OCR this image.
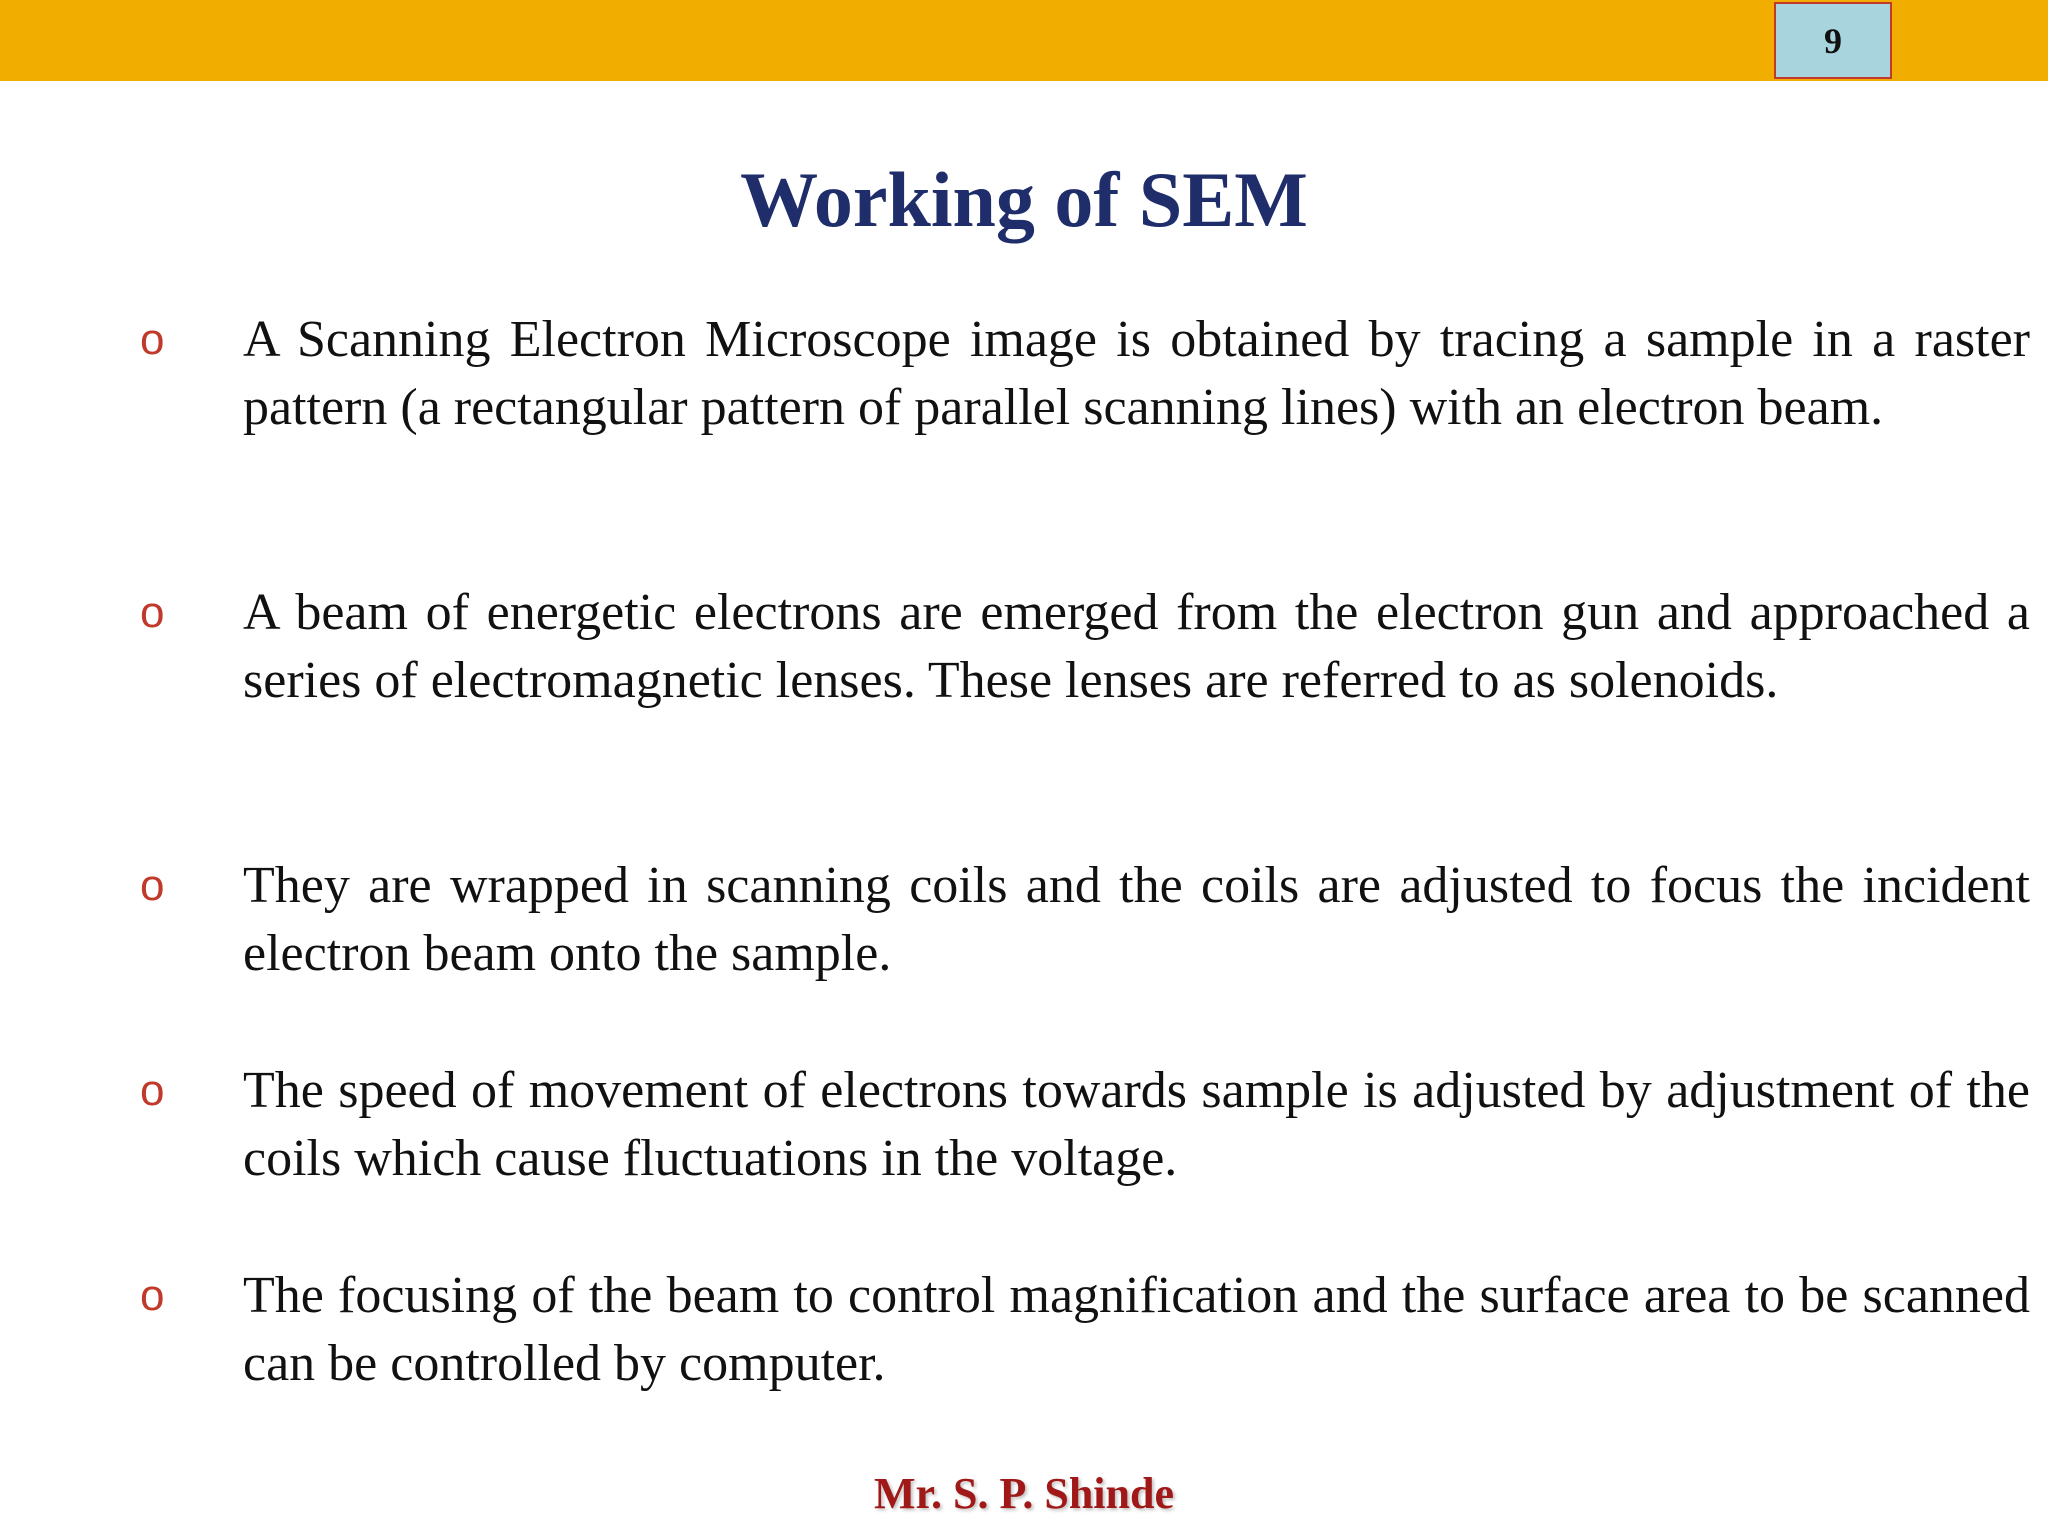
9
Working of SEM
o A Scanning Electron Microscope image is obtained by tracing a sample in a raster pattern (a rectangular pattern of parallel scanning lines) with an electron beam.

o A beam of energetic electrons are emerged from the electron gun and approached a series of electromagnetic lenses. These lenses are referred to as solenoids.

o They are wrapped in scanning coils and the coils are adjusted to focus the incident electron beam onto the sample.

o The speed of movement of electrons towards sample is adjusted by adjustment of the coils which cause fluctuations in the voltage.

o The focusing of the beam to control magnification and the surface area to be scanned can be controlled by computer.

Mr. S. P. Shinde
